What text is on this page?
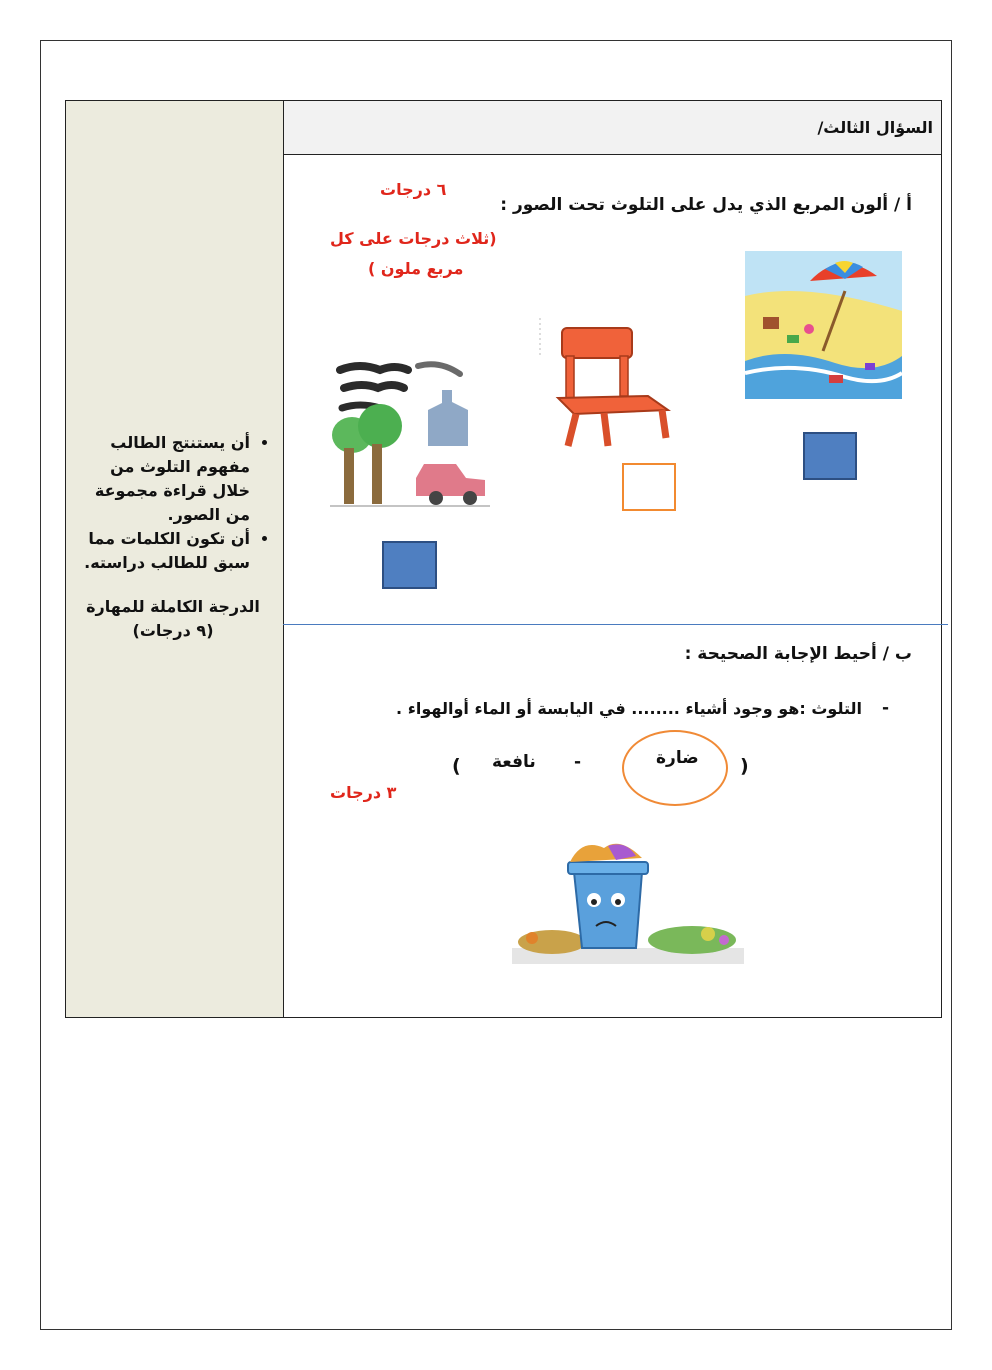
• أن يستنتج الطالب مفهوم التلوث من خلال قراءة مجموعة من الصور.
• أن تكون الكلمات مما سبق للطالب دراسته.
الدرجة الكاملة للمهارة
(٩ درجات)
السؤال الثالث/
أ / ألون المربع الذي يدل على التلوث تحت الصور :
٦ درجات
(ثلاث درجات على كل
مربع ملون )
ب / أحيط الإجابة الصحيحة :
-
التلوث :هو وجود أشياء ........ في اليابسة أو الماء أوالهواء .
(
ضارة
-
نافعة
)
٣ درجات
